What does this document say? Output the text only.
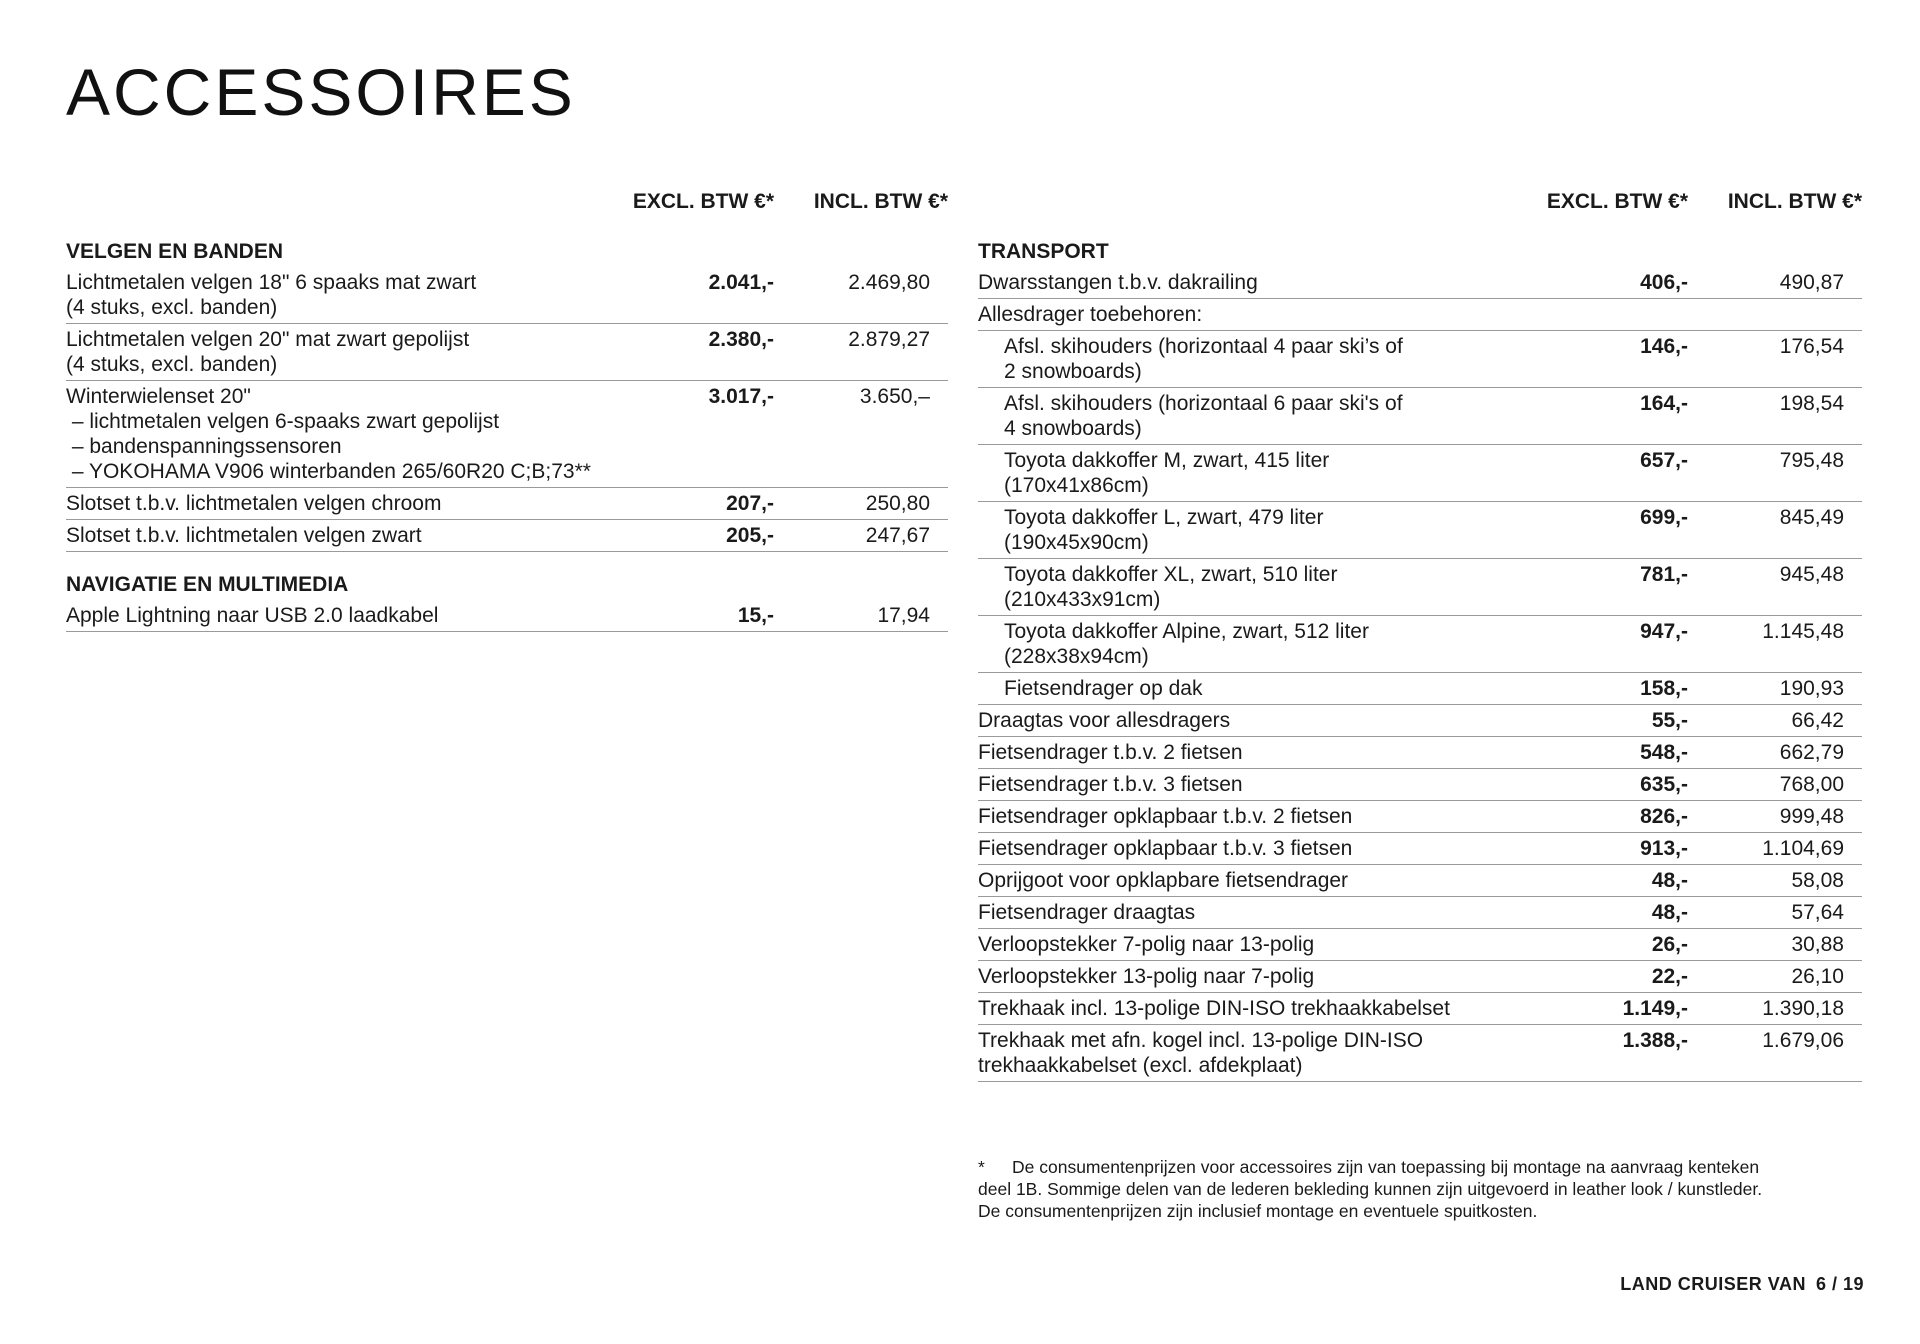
ACCESSOIRES
EXCL. BTW €* INCL. BTW €*
VELGEN EN BANDEN
Lichtmetalen velgen 18" 6 spaaks mat zwart
(4 stuks, excl. banden)
2.041,-	2.469,80
Lichtmetalen velgen 20" mat zwart gepolijst
(4 stuks, excl. banden)
2.380,-	2.879,27
Winterwielenset 20"
– lichtmetalen velgen 6-spaaks zwart gepolijst
– bandenspanningssensoren
– YOKOHAMA V906 winterbanden 265/60R20 C;B;73**
3.017,-	3.650,–
Slotset t.b.v. lichtmetalen velgen chroom	207,-	250,80
Slotset t.b.v. lichtmetalen velgen zwart	205,-	247,67
NAVIGATIE EN MULTIMEDIA
Apple Lightning naar USB 2.0 laadkabel	15,-	17,94
EXCL. BTW €* INCL. BTW €*
TRANSPORT
Dwarsstangen t.b.v. dakrailing	406,-	490,87
Allesdrager toebehoren:
Afsl. skihouders (horizontaal 4 paar ski’s of
2 snowboards)
146,-	176,54
Afsl. skihouders (horizontaal 6 paar ski's of
4 snowboards)
164,-	198,54
Toyota dakkoffer M, zwart, 415 liter
(170x41x86cm)
657,-	795,48
Toyota dakkoffer L, zwart, 479 liter
(190x45x90cm)
699,-	845,49
Toyota dakkoffer XL, zwart, 510 liter
(210x433x91cm)
781,-	945,48
Toyota dakkoffer Alpine, zwart, 512 liter
(228x38x94cm)
947,-	1.145,48
Fietsendrager op dak	158,-	190,93
Draagtas voor allesdragers	55,-	66,42
Fietsendrager t.b.v. 2 fietsen	548,-	662,79
Fietsendrager t.b.v. 3 fietsen	635,-	768,00
Fietsendrager opklapbaar t.b.v. 2 fietsen	826,-	999,48
Fietsendrager opklapbaar t.b.v. 3 fietsen	913,-	1.104,69
Oprijgoot voor opklapbare fietsendrager	48,-	58,08
Fietsendrager draagtas	48,-	57,64
Verloopstekker 7-polig naar 13-polig	26,-	30,88
Verloopstekker 13-polig naar 7-polig	22,-	26,10
Trekhaak incl. 13-polige DIN-ISO trekhaakkabelset	1.149,-	1.390,18
Trekhaak met afn. kogel incl. 13-polige DIN-ISO
trekhaakkabelset (excl. afdekplaat)
1.388,-	1.679,06
* De consumentenprijzen voor accessoires zijn van toepassing bij montage na aanvraag kenteken
deel 1B. Sommige delen van de lederen bekleding kunnen zijn uitgevoerd in leather look / kunstleder.
De consumentenprijzen zijn inclusief montage en eventuele spuitkosten.
LAND CRUISER VAN 6 / 19
